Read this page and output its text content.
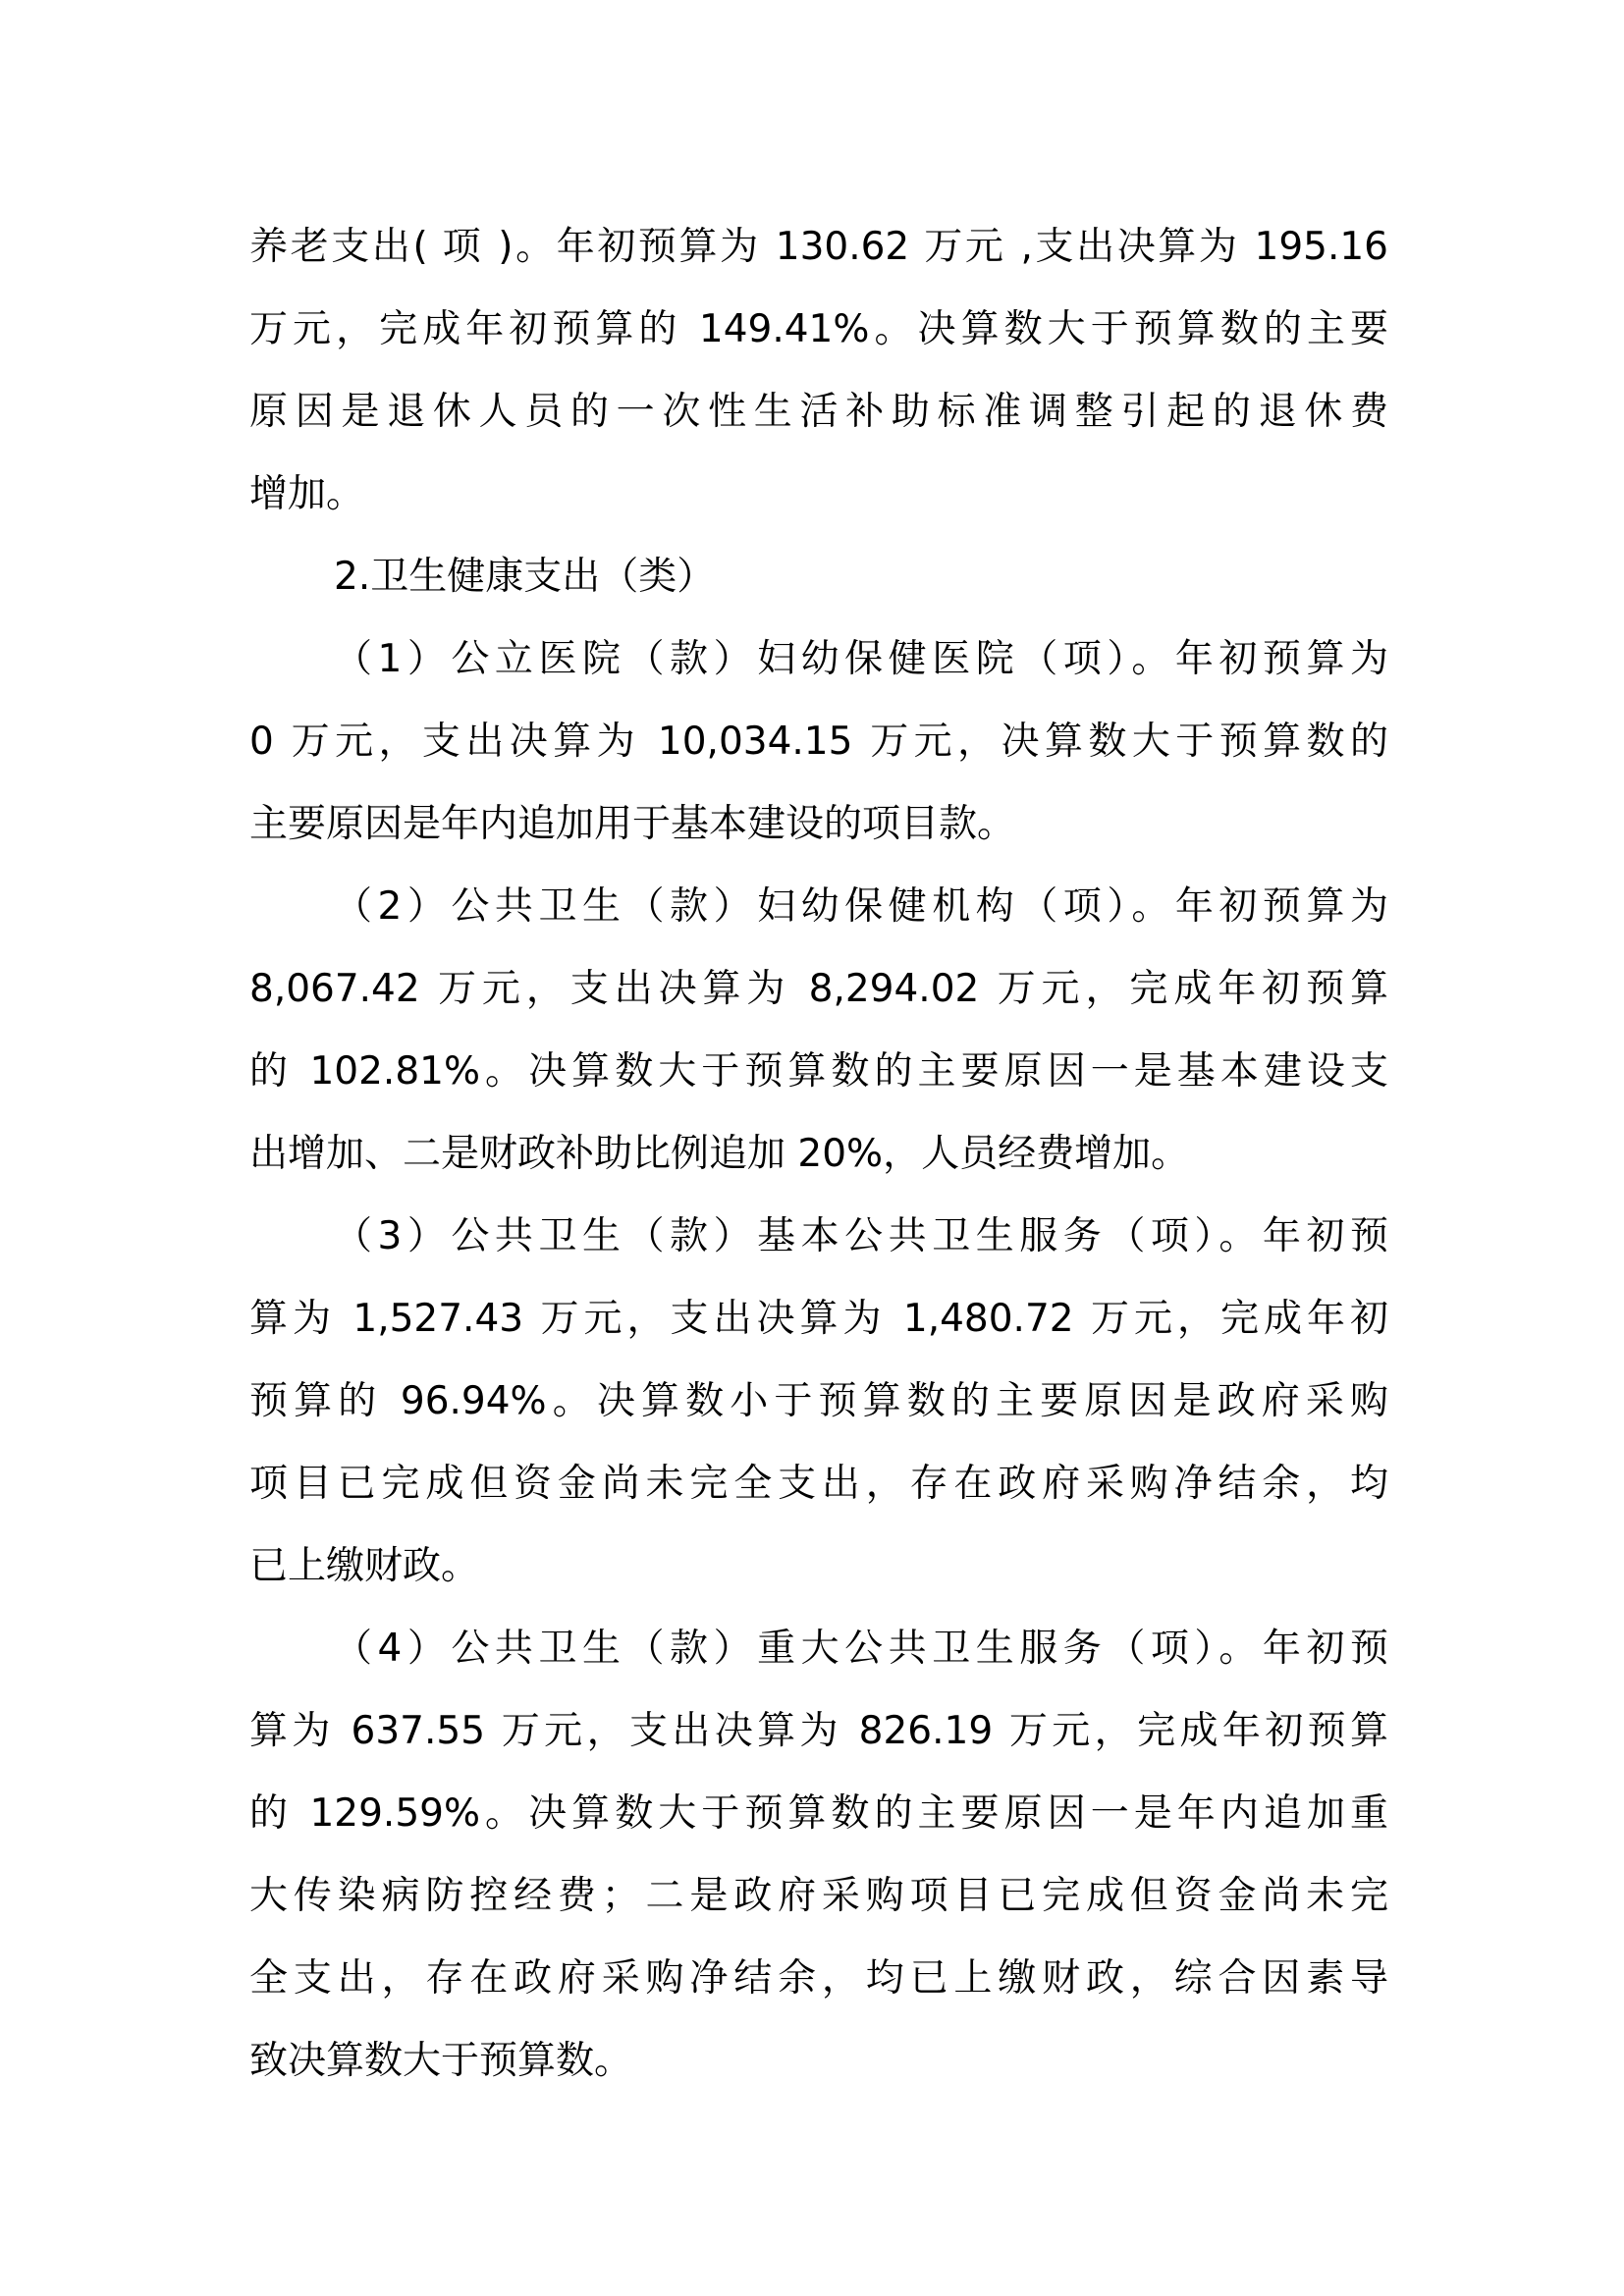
养老支出( 项 )。年初预算为 130.62 万元 ,支出决算为 195.16

万元，完成年初预算的 149.41%。决算数大于预算数的主要

原因是退休人员的一次性生活补助标准调整引起的退休费

增加。

2.卫生健康支出（类）

（1）公立医院（款）妇幼保健医院（项）。年初预算为

0 万元，支出决算为 10,034.15 万元，决算数大于预算数的

主要原因是年内追加用于基本建设的项目款。

（2）公共卫生（款）妇幼保健机构（项）。年初预算为

8,067.42 万元，支出决算为 8,294.02 万元，完成年初预算

的 102.81%。决算数大于预算数的主要原因一是基本建设支

出增加、二是财政补助比例追加 20%，人员经费增加。

（3）公共卫生（款）基本公共卫生服务（项）。年初预

算为 1,527.43 万元，支出决算为 1,480.72 万元，完成年初

预算的 96.94%。决算数小于预算数的主要原因是政府采购

项目已完成但资金尚未完全支出，存在政府采购净结余，均

已上缴财政。

（4）公共卫生（款）重大公共卫生服务（项）。年初预

算为 637.55 万元，支出决算为 826.19 万元，完成年初预算

的 129.59%。决算数大于预算数的主要原因一是年内追加重

大传染病防控经费；二是政府采购项目已完成但资金尚未完

全支出，存在政府采购净结余，均已上缴财政，综合因素导

致决算数大于预算数。
